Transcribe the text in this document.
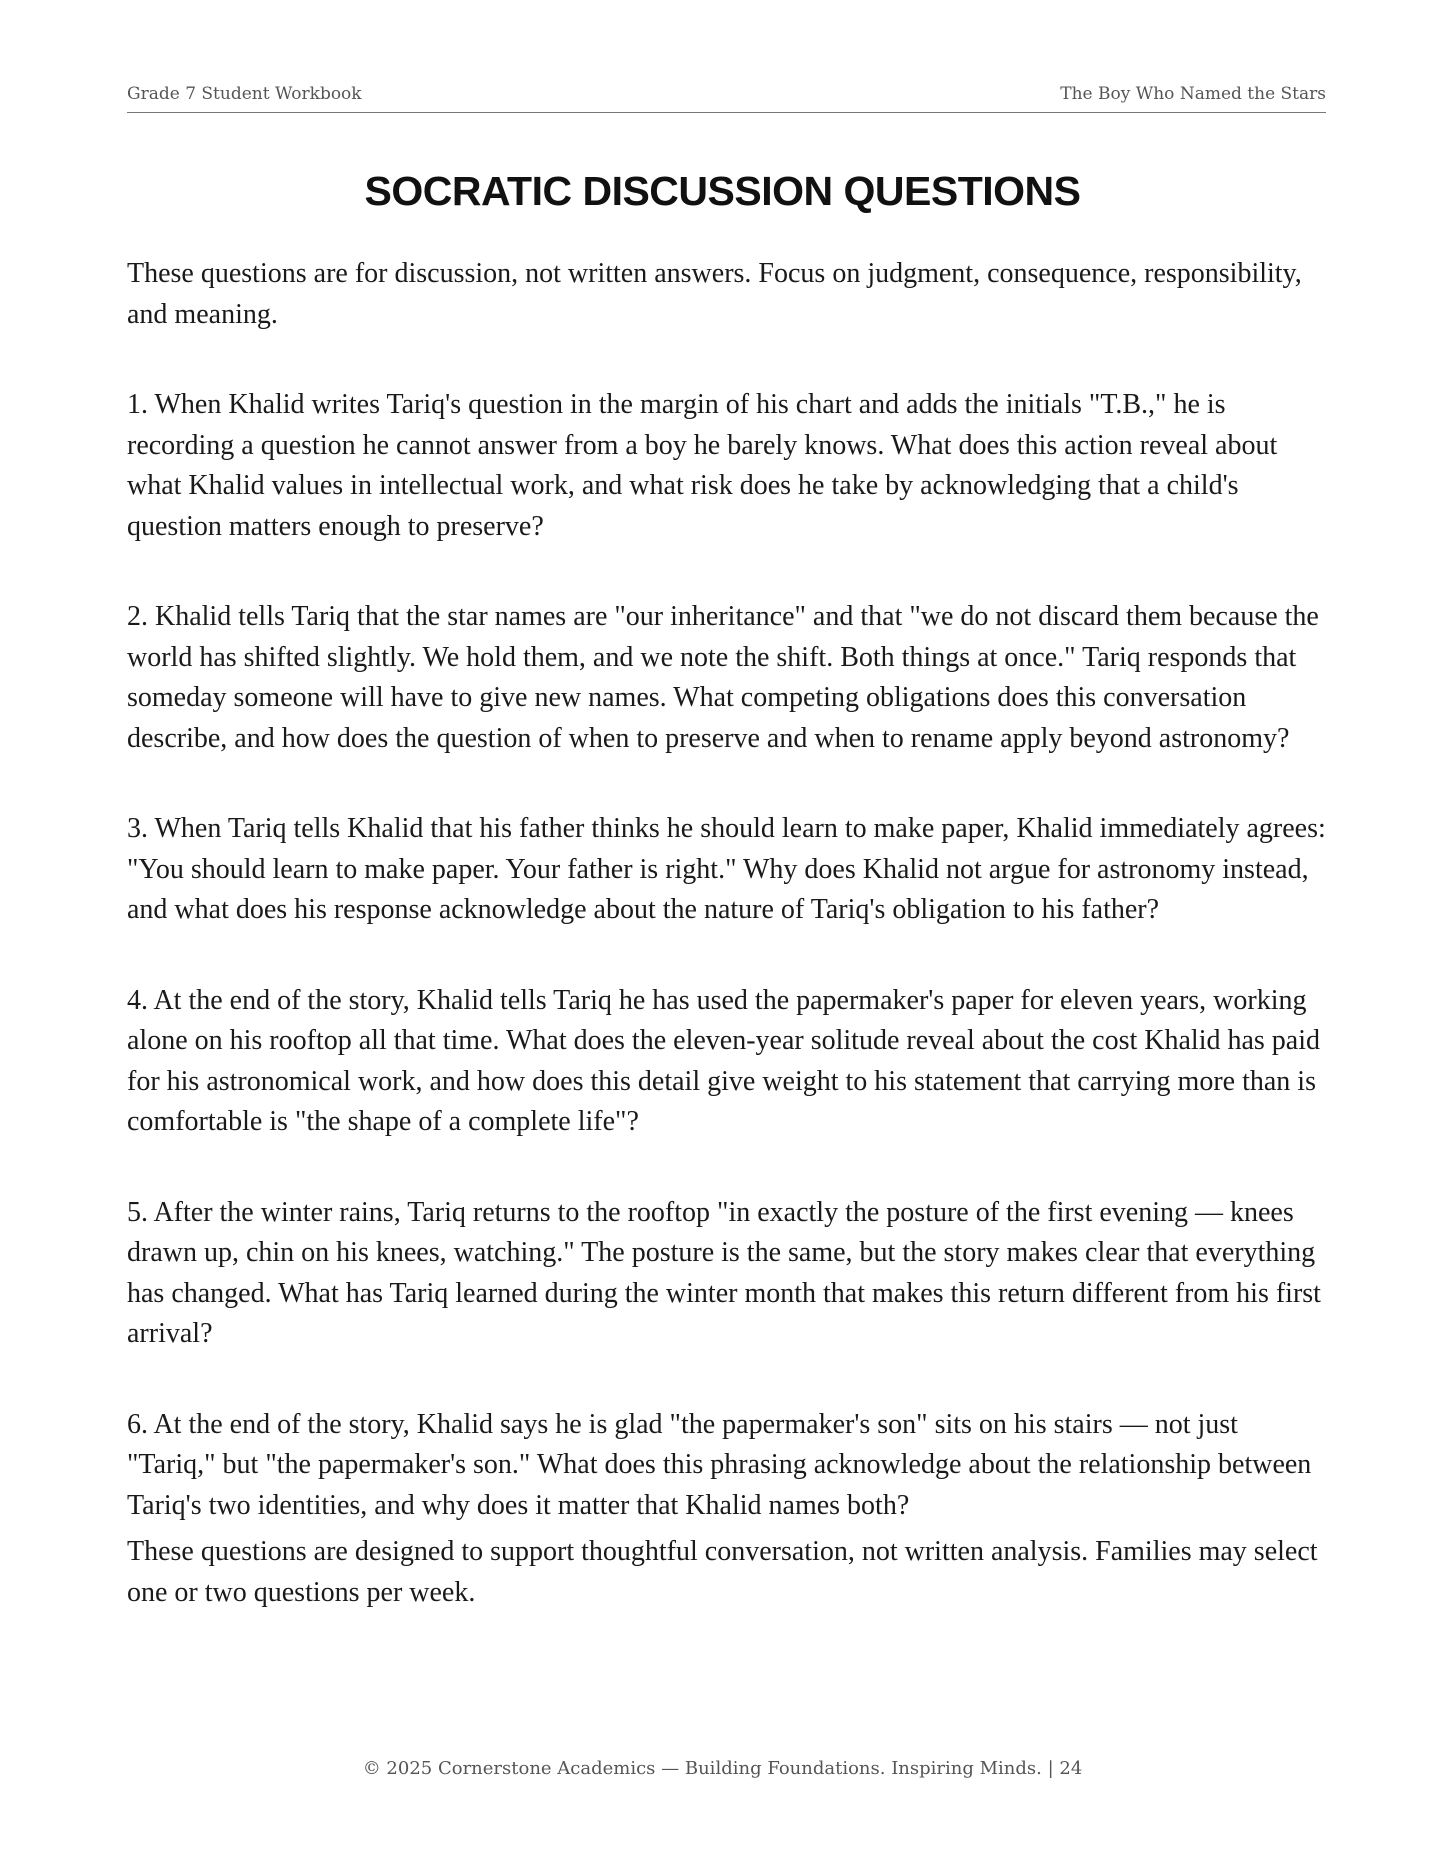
Grade 7 Student Workbook	The Boy Who Named the Stars
SOCRATIC DISCUSSION QUESTIONS

These questions are for discussion, not written answers. Focus on judgment, consequence, responsibility, and meaning.

1. When Khalid writes Tariq's question in the margin of his chart and adds the initials "T.B.," he is recording a question he cannot answer from a boy he barely knows. What does this action reveal about what Khalid values in intellectual work, and what risk does he take by acknowledging that a child's question matters enough to preserve?

2. Khalid tells Tariq that the star names are "our inheritance" and that "we do not discard them because the world has shifted slightly. We hold them, and we note the shift. Both things at once." Tariq responds that someday someone will have to give new names. What competing obligations does this conversation describe, and how does the question of when to preserve and when to rename apply beyond astronomy?

3. When Tariq tells Khalid that his father thinks he should learn to make paper, Khalid immediately agrees: "You should learn to make paper. Your father is right." Why does Khalid not argue for astronomy instead, and what does his response acknowledge about the nature of Tariq's obligation to his father?

4. At the end of the story, Khalid tells Tariq he has used the papermaker's paper for eleven years, working alone on his rooftop all that time. What does the eleven-year solitude reveal about the cost Khalid has paid for his astronomical work, and how does this detail give weight to his statement that carrying more than is comfortable is "the shape of a complete life"?

5. After the winter rains, Tariq returns to the rooftop "in exactly the posture of the first evening — knees drawn up, chin on his knees, watching." The posture is the same, but the story makes clear that everything has changed. What has Tariq learned during the winter month that makes this return different from his first arrival?

6. At the end of the story, Khalid says he is glad "the papermaker's son" sits on his stairs — not just "Tariq," but "the papermaker's son." What does this phrasing acknowledge about the relationship between Tariq's two identities, and why does it matter that Khalid names both?

These questions are designed to support thoughtful conversation, not written analysis. Families may select one or two questions per week.

© 2025 Cornerstone Academics — Building Foundations. Inspiring Minds. | 24
